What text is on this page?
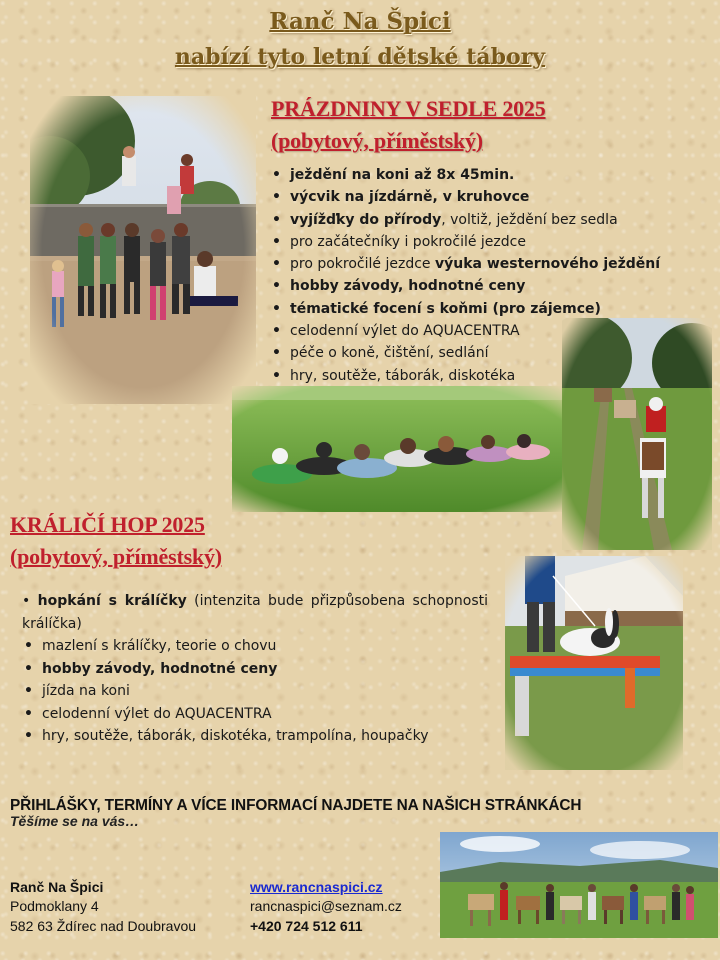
Ranč Na Špici
nabízí tyto letní dětské tábory
PRÁZDNINY V SEDLE 2025
(pobytový, příměstský)
• ježdění na koni až 8x 45min.
• výcvik na jízdárně, v kruhovce
• vyjížďky do přírody, voltiž, ježdění bez sedla
• pro začátečníky i pokročilé jezdce
• pro pokročilé jezdce výuka westernového ježdění
• hobby závody, hodnotné ceny
• tématické focení s koňmi (pro zájemce)
• celodenní výlet do AQUACENTRA
• péče o koně, čištění, sedlání
• hry, soutěže, táborák, diskotéka
KRÁLIČÍ HOP 2025
(pobytový, příměstský)
• hopkání s králíčky (intenzita bude přizpůsobena schopnosti králíčka)
• mazlení s králíčky, teorie o chovu
• hobby závody, hodnotné ceny
• jízda na koni
• celodenní výlet do AQUACENTRA
• hry, soutěže, táborák, diskotéka, trampolína, houpačky
PŘIHLÁŠKY, TERMÍNY A VÍCE INFORMACÍ NAJDETE NA NAŠICH STRÁNKÁCH
Těšíme se na vás…
Ranč Na Špici
Podmoklany 4
582 63 Ždírec nad Doubravou
www.rancnaspici.cz
rancnaspici@seznam.cz
+420 724 512 611
